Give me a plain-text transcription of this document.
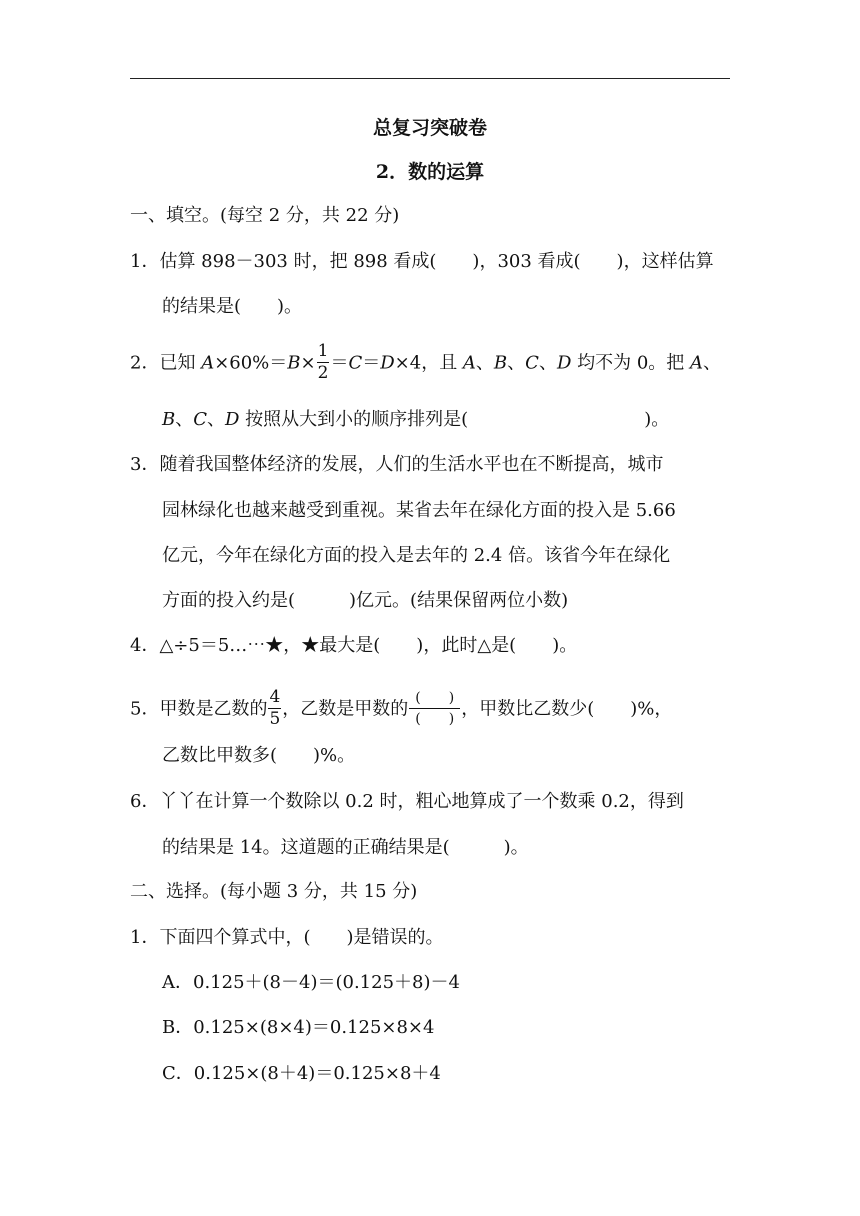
总复习突破卷
2．数的运算
一、填空。(每空 2 分，共 22 分)
1．估算 898－303 时，把 898 看成(　　)，303 看成(　　)，这样估算
的结果是(　　)。
2．已知 $A\times 60\%=B\times \frac{1}{2} =C=D\times 4$，且 A、B、C、D 均不为 0。把 A、
B、C、D 按照从大到小的顺序排列是(	)。
3．随着我国整体经济的发展，人们的生活水平也在不断提高，城市
园林绿化也越来越受到重视。某省去年在绿化方面的投入是 5.66
亿元，今年在绿化方面的投入是去年的 2.4 倍。该省今年在绿化
方面的投入约是(　　　)亿元。(结果保留两位小数)
4．△÷5＝5…⋯★，★最大是(　　)，此时△是(　　)。
5．甲数是乙数的 $\frac{4}{5}$ ，乙数是甲数的 $\frac{( )}{( )}$ ，甲数比乙数少(　　)%，
乙数比甲数多(　　)%。
6．丫丫在计算一个数除以 0.2 时，粗心地算成了一个数乘 0.2，得到
的结果是 14。这道题的正确结果是(　　　)。
二、选择。(每小题 3 分，共 15 分)
1．下面四个算式中，(　　)是错误的。
A．0.125＋(8－4)＝(0.125＋8)－4
B．0.125×(8×4)＝0.125×8×4
C．0.125×(8＋4)＝0.125×8＋4
